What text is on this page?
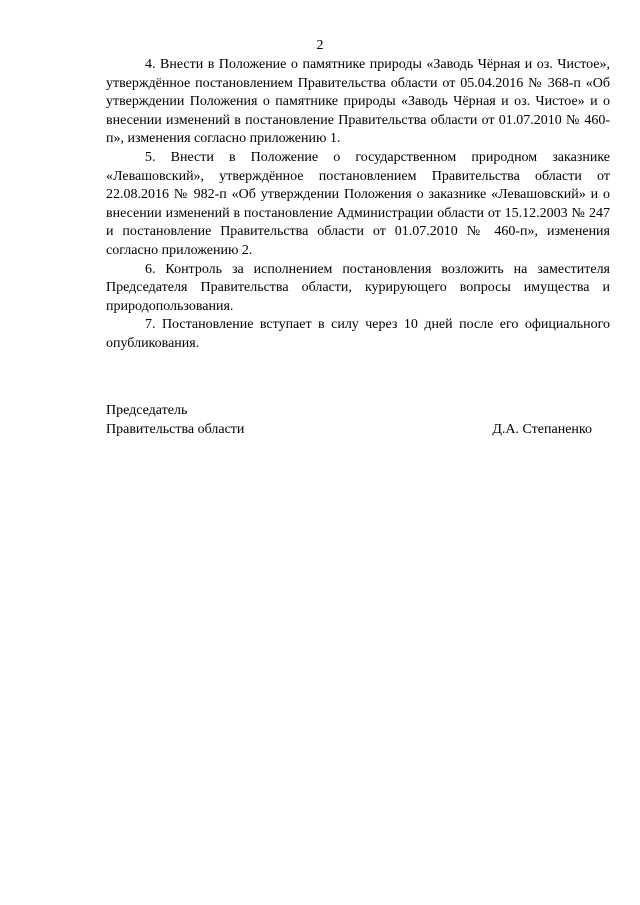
2

4. Внести в Положение о памятнике природы «Заводь Чёрная и оз. Чистое», утверждённое постановлением Правительства области от 05.04.2016 № 368-п «Об утверждении Положения о памятнике природы «Заводь Чёрная и оз. Чистое» и о внесении изменений в постановление Правительства области от 01.07.2010 № 460-п», изменения согласно приложению 1.

5. Внести в Положение о государственном природном заказнике «Левашовский», утверждённое постановлением Правительства области от 22.08.2016 № 982-п «Об утверждении Положения о заказнике «Левашовский» и о внесении изменений в постановление Администрации области от 15.12.2003 № 247 и постановление Правительства области от 01.07.2010 № 460-п», изменения согласно приложению 2.

6. Контроль за исполнением постановления возложить на заместителя Председателя Правительства области, курирующего вопросы имущества и природопользования.

7. Постановление вступает в силу через 10 дней после его официального опубликования.

Председатель
Правительства области	Д.А. Степаненко
